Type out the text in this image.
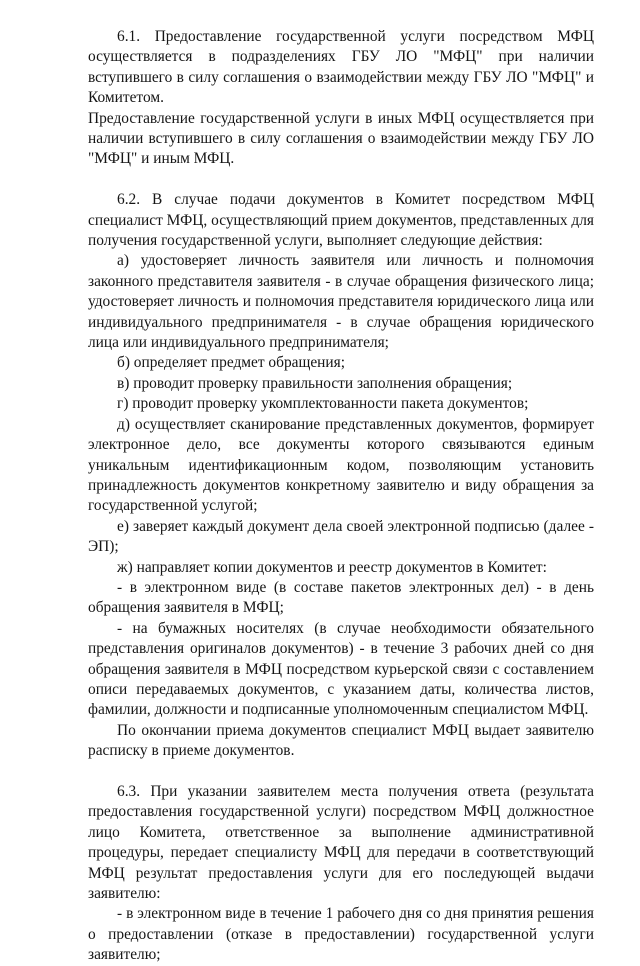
6.1. Предоставление государственной услуги посредством МФЦ осуществляется в подразделениях ГБУ ЛО "МФЦ" при наличии вступившего в силу соглашения о взаимодействии между ГБУ ЛО "МФЦ" и Комитетом.

Предоставление государственной услуги в иных МФЦ осуществляется при наличии вступившего в силу соглашения о взаимодействии между ГБУ ЛО "МФЦ" и иным МФЦ.

6.2. В случае подачи документов в Комитет посредством МФЦ специалист МФЦ, осуществляющий прием документов, представленных для получения государственной услуги, выполняет следующие действия:

а) удостоверяет личность заявителя или личность и полномочия законного представителя заявителя - в случае обращения физического лица; удостоверяет личность и полномочия представителя юридического лица или индивидуального предпринимателя - в случае обращения юридического лица или индивидуального предпринимателя;

б) определяет предмет обращения;

в) проводит проверку правильности заполнения обращения;

г) проводит проверку укомплектованности пакета документов;

д) осуществляет сканирование представленных документов, формирует электронное дело, все документы которого связываются единым уникальным идентификационным кодом, позволяющим установить принадлежность документов конкретному заявителю и виду обращения за государственной услугой;

е) заверяет каждый документ дела своей электронной подписью (далее - ЭП);

ж) направляет копии документов и реестр документов в Комитет:

- в электронном виде (в составе пакетов электронных дел) - в день обращения заявителя в МФЦ;

- на бумажных носителях (в случае необходимости обязательного представления оригиналов документов) - в течение 3 рабочих дней со дня обращения заявителя в МФЦ посредством курьерской связи с составлением описи передаваемых документов, с указанием даты, количества листов, фамилии, должности и подписанные уполномоченным специалистом МФЦ.

По окончании приема документов специалист МФЦ выдает заявителю расписку в приеме документов.

6.3. При указании заявителем места получения ответа (результата предоставления государственной услуги) посредством МФЦ должностное лицо Комитета, ответственное за выполнение административной процедуры, передает специалисту МФЦ для передачи в соответствующий МФЦ результат предоставления услуги для его последующей выдачи заявителю:

- в электронном виде в течение 1 рабочего дня со дня принятия решения о предоставлении (отказе в предоставлении) государственной услуги заявителю;
